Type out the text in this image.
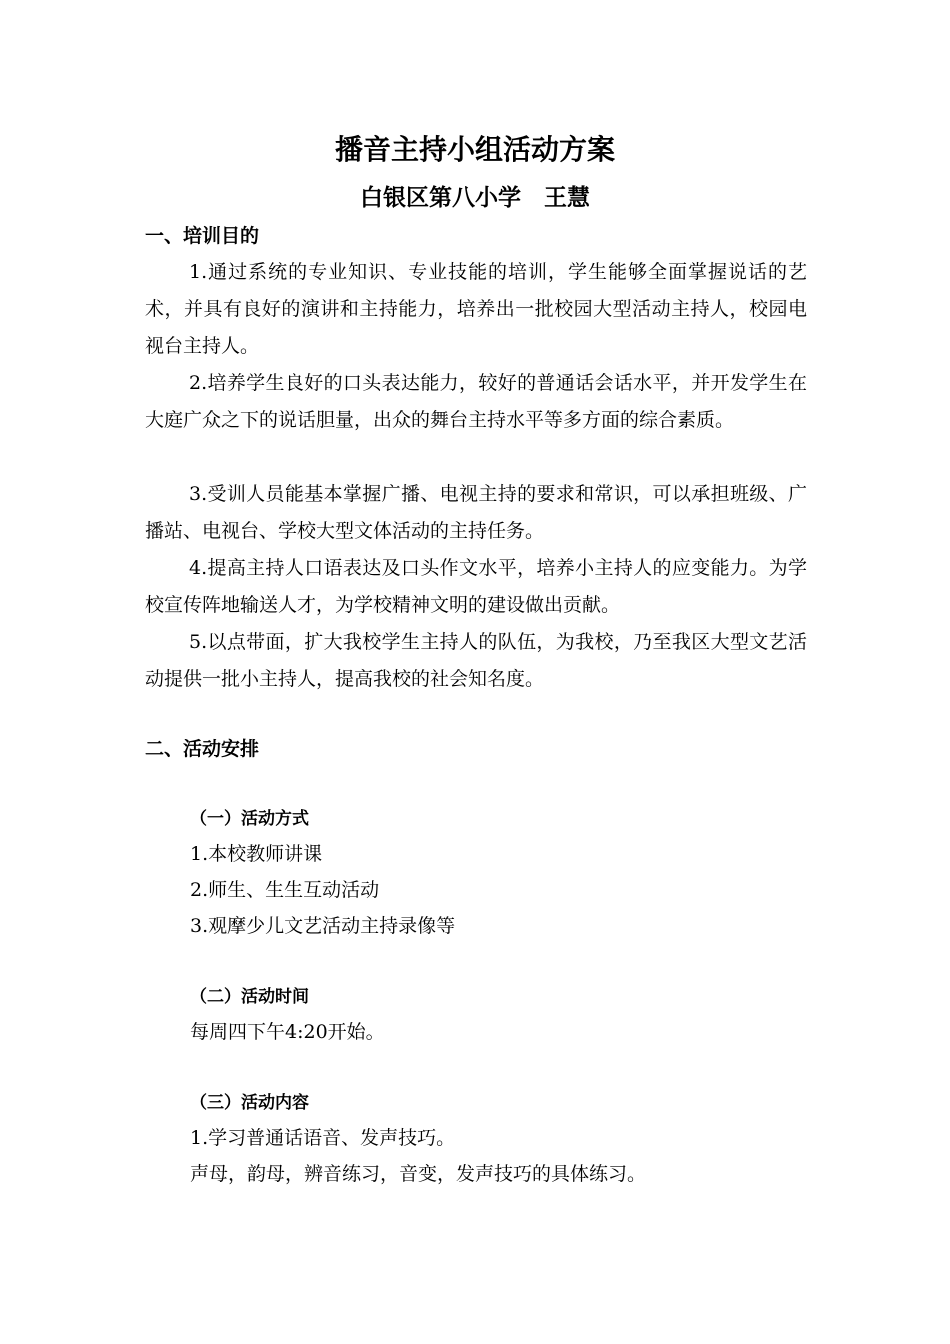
播音主持小组活动方案
白银区第八小学　王慧
一、培训目的
1.通过系统的专业知识、专业技能的培训，学生能够全面掌握说话的艺术，并具有良好的演讲和主持能力，培养出一批校园大型活动主持人，校园电视台主持人。
2.培养学生良好的口头表达能力，较好的普通话会话水平，并开发学生在大庭广众之下的说话胆量，出众的舞台主持水平等多方面的综合素质。
3.受训人员能基本掌握广播、电视主持的要求和常识，可以承担班级、广播站、电视台、学校大型文体活动的主持任务。
4.提高主持人口语表达及口头作文水平，培养小主持人的应变能力。为学校宣传阵地输送人才，为学校精神文明的建设做出贡献。
5.以点带面，扩大我校学生主持人的队伍，为我校，乃至我区大型文艺活动提供一批小主持人，提高我校的社会知名度。
二、活动安排
（一）活动方式
1.本校教师讲课
2.师生、生生互动活动
3.观摩少儿文艺活动主持录像等
（二）活动时间
每周四下午4:20开始。
（三）活动内容
1.学习普通话语音、发声技巧。
声母，韵母，辨音练习，音变，发声技巧的具体练习。
